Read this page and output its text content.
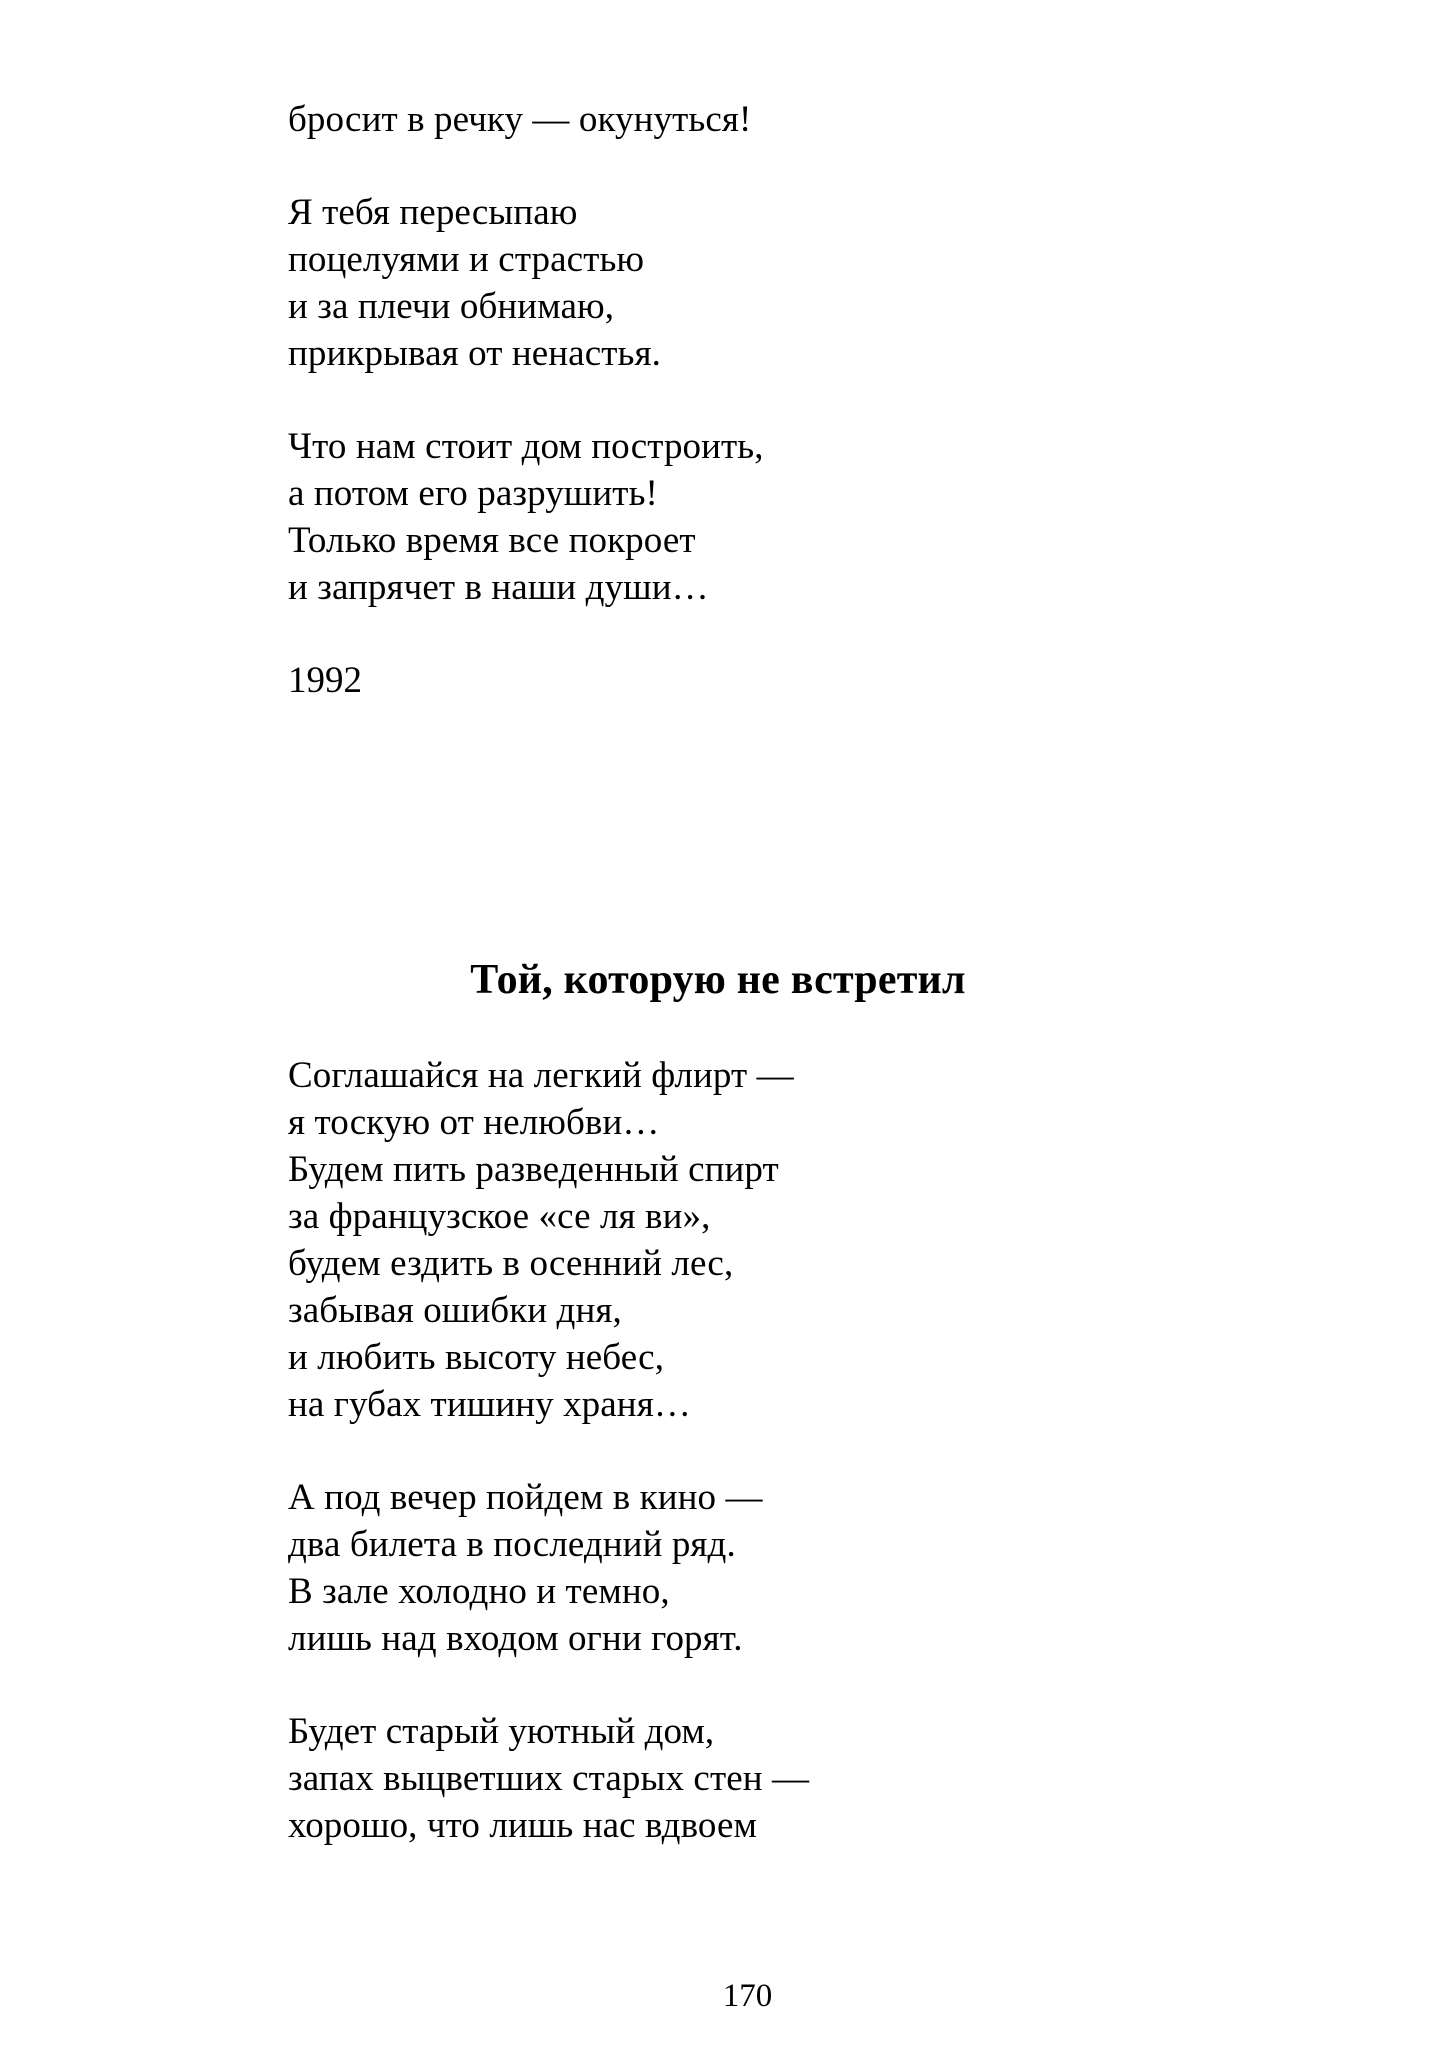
бросит в речку — окунуться!
Я тебя пересыпаю
поцелуями и страстью
и за плечи обнимаю,
прикрывая от ненастья.
Что нам стоит дом построить,
а потом его разрушить!
Только время все покроет
и запрячет в наши души…
1992
Той, которую не встретил
Соглашайся на легкий флирт —
я тоскую от нелюбви…
Будем пить разведенный спирт
за французское «се ля ви»,
будем ездить в осенний лес,
забывая ошибки дня,
и любить высоту небес,
на губах тишину храня…
А под вечер пойдем в кино —
два билета в последний ряд.
В зале холодно и темно,
лишь над входом огни горят.
Будет старый уютный дом,
запах выцветших старых стен —
хорошо, что лишь нас вдвоем
170
